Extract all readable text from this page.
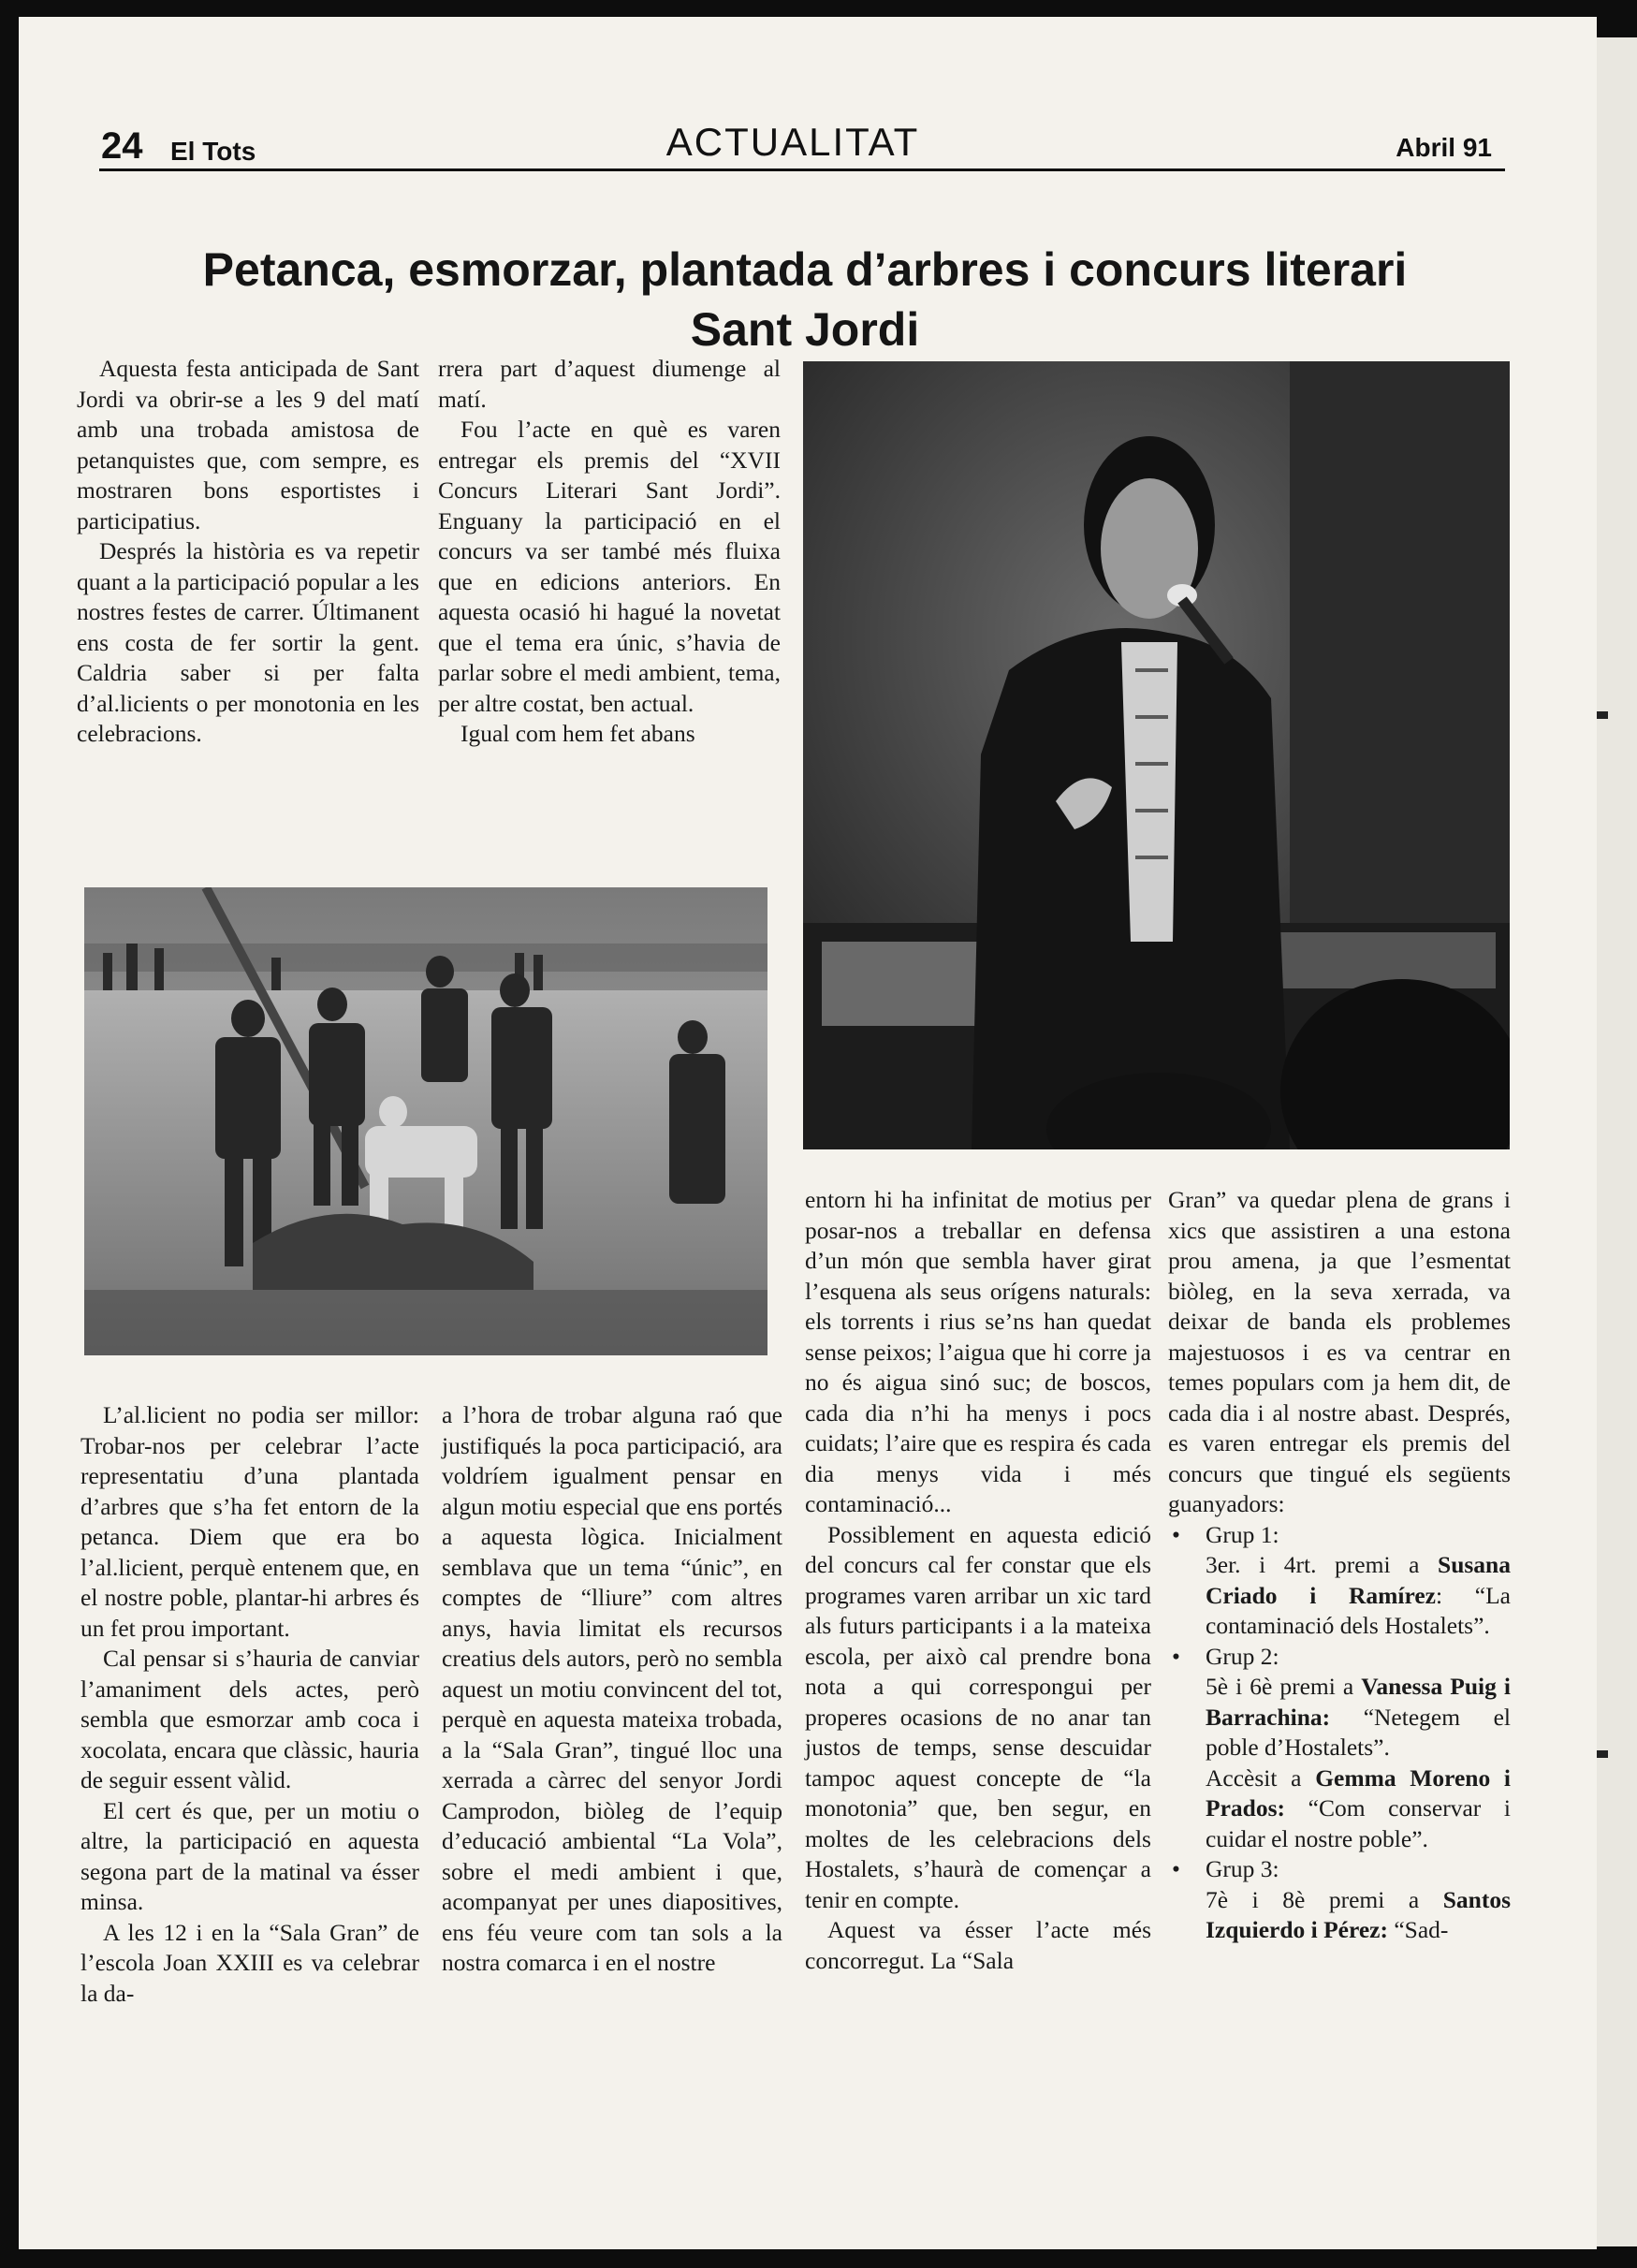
24 El Tots	ACTUALITAT	Abril 91
Petanca, esmorzar, plantada d’arbres i concurs literari
Sant Jordi

Aquesta festa anticipada de Sant Jordi va obrir-se a les 9 del matí amb una trobada amistosa de petanquistes que, com sempre, es mostraren bons esportistes i participatius.

Després la història es va repetir quant a la participació popular a les nostres festes de carrer. Últimanent ens costa de fer sortir la gent. Caldria saber si per falta d’al.licients o per monotonia en les celebracions.

rrera part d’aquest diumenge al matí.

Fou l’acte en què es varen entregar els premis del “XVII Concurs Literari Sant Jordi”. Enguany la participació en el concurs va ser també més fluixa que en edicions anteriors. En aquesta ocasió hi hagué la novetat que el tema era únic, s’havia de parlar sobre el medi ambient, tema, per altre costat, ben actual.

Igual com hem fet abans

L’al.licient no podia ser millor: Trobar-nos per celebrar l’acte representatiu d’una plantada d’arbres que s’ha fet entorn de la petanca. Diem que era bo l’al.licient, perquè entenem que, en el nostre poble, plantar-hi arbres és un fet prou important.

Cal pensar si s’hauria de canviar l’amaniment dels actes, però sembla que esmorzar amb coca i xocolata, encara que clàssic, hauria de seguir essent vàlid.

El cert és que, per un motiu o altre, la participació en aquesta segona part de la matinal va ésser minsa.

A les 12 i en la “Sala Gran” de l’escola Joan XXIII es va celebrar la da-

a l’hora de trobar alguna raó que justifiqués la poca participació, ara voldríem igualment pensar en algun motiu especial que ens portés a aquesta lògica. Inicialment semblava que un tema “únic”, en comptes de “lliure” com altres anys, havia limitat els recursos creatius dels autors, però no sembla aquest un motiu convincent del tot, perquè en aquesta mateixa trobada, a la “Sala Gran”, tingué lloc una xerrada a càrrec del senyor Jordi Camprodon, biòleg de l’equip d’educació ambiental “La Vola”, sobre el medi ambient i que, acompanyat per unes diapositives, ens féu veure com tan sols a la nostra comarca i en el nostre

entorn hi ha infinitat de motius per posar-nos a treballar en defensa d’un món que sembla haver girat l’esquena als seus orígens naturals: els torrents i rius se’ns han quedat sense peixos; l’aigua que hi corre ja no és aigua sinó suc; de boscos, cada dia n’hi ha menys i pocs cuidats; l’aire que es respira és cada dia menys vida i més contaminació...

Possiblement en aquesta edició del concurs cal fer constar que els programes varen arribar un xic tard als futurs participants i a la mateixa escola, per això cal prendre bona nota a qui correspongui per properes ocasions de no anar tan justos de temps, sense descuidar tampoc aquest concepte de “la monotonia” que, ben segur, en moltes de les celebracions dels Hostalets, s’haurà de començar a tenir en compte.

Aquest va ésser l’acte més concorregut. La “Sala

Gran” va quedar plena de grans i xics que assistiren a una estona prou amena, ja que l’esmentat biòleg, en la seva xerrada, va deixar de banda els problemes majestuosos i es va centrar en temes populars com ja hem dit, de cada dia i al nostre abast. Després, es varen entregar els premis del concurs que tingué els següents guanyadors:

• Grup 1:
3er. i 4rt. premi a Susana Criado i Ramírez: “La contaminació dels Hostalets”.
• Grup 2:
5è i 6è premi a Vanessa Puig i Barrachina: “Netegem el poble d’Hostalets”.
Accèsit a Gemma Moreno i Prados: “Com conservar i cuidar el nostre poble”.
• Grup 3:
7è i 8è premi a Santos Izquierdo i Pérez: “Sad-
